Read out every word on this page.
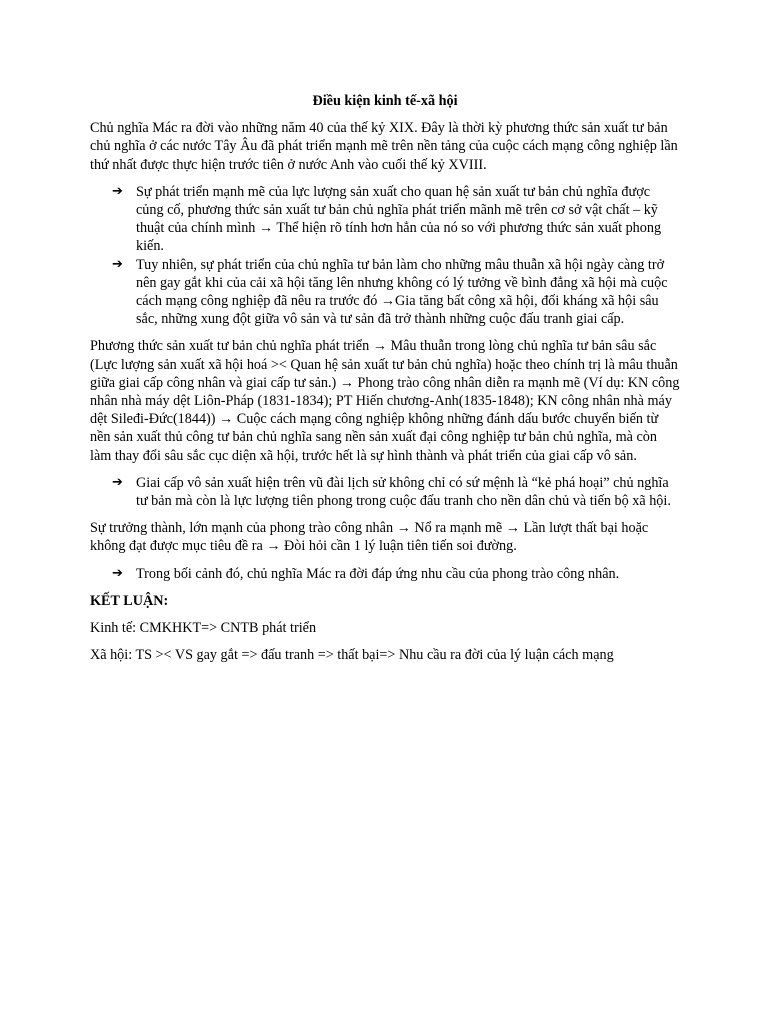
Điều kiện kinh tế-xã hội

Chủ nghĩa Mác ra đời vào những năm 40 của thế kỷ XIX. Đây là thời kỳ phương thức sản xuất tư bản chủ nghĩa ở các nước Tây Âu đã phát triển mạnh mẽ trên nền tảng của cuộc cách mạng công nghiệp lần thứ nhất được thực hiện trước tiên ở nước Anh vào cuối thế kỷ XVIII.

➔ Sự phát triển mạnh mẽ của lực lượng sản xuất cho quan hệ sản xuất tư bản chủ nghĩa được củng cố, phương thức sản xuất tư bản chủ nghĩa phát triển mãnh mẽ trên cơ sở vật chất – kỹ thuật của chính mình → Thể hiện rõ tính hơn hẳn của nó so với phương thức sản xuất phong kiến.
➔ Tuy nhiên, sự phát triển của chủ nghĩa tư bản làm cho những mâu thuẫn xã hội ngày càng trở nên gay gắt khi của cải xã hội tăng lên nhưng không có lý tưởng về bình đẳng xã hội mà cuộc cách mạng công nghiệp đã nêu ra trước đó →Gia tăng bất công xã hội, đối kháng xã hội sâu sắc, những xung đột giữa vô sản và tư sản đã trở thành những cuộc đấu tranh giai cấp.

Phương thức sản xuất tư bản chủ nghĩa phát triển → Mâu thuẫn trong lòng chủ nghĩa tư bản sâu sắc (Lực lượng sản xuất xã hội hoá >< Quan hệ sản xuất tư bản chủ nghĩa) hoặc theo chính trị là mâu thuẫn giữa giai cấp công nhân và giai cấp tư sản.) → Phong trào công nhân diễn ra mạnh mẽ (Ví dụ: KN công nhân nhà máy dệt Liôn-Pháp (1831-1834); PT Hiến chương-Anh(1835-1848); KN công nhân nhà máy dệt Sileđi-Đức(1844)) → Cuộc cách mạng công nghiệp không những đánh dấu bước chuyển biến từ nền sản xuất thủ công tư bản chủ nghĩa sang nền sản xuất đại công nghiệp tư bản chủ nghĩa, mà còn làm thay đổi sâu sắc cục diện xã hội, trước hết là sự hình thành và phát triển của giai cấp vô sản.

➔ Giai cấp vô sản xuất hiện trên vũ đài lịch sử không chỉ có sứ mệnh là “kẻ phá hoại” chủ nghĩa tư bản mà còn là lực lượng tiên phong trong cuộc đấu tranh cho nền dân chủ và tiến bộ xã hội.

Sự trưởng thành, lớn mạnh của phong trào công nhân → Nổ ra mạnh mẽ → Lần lượt thất bại hoặc không đạt được mục tiêu đề ra → Đòi hỏi cần 1 lý luận tiên tiến soi đường.

➔ Trong bối cảnh đó, chủ nghĩa Mác ra đời đáp ứng nhu cầu của phong trào công nhân.

KẾT LUẬN:

Kinh tế: CMKHKT=> CNTB phát triển

Xã hội: TS >< VS gay gắt => đấu tranh => thất bại=> Nhu cầu ra đời của lý luận cách mạng
